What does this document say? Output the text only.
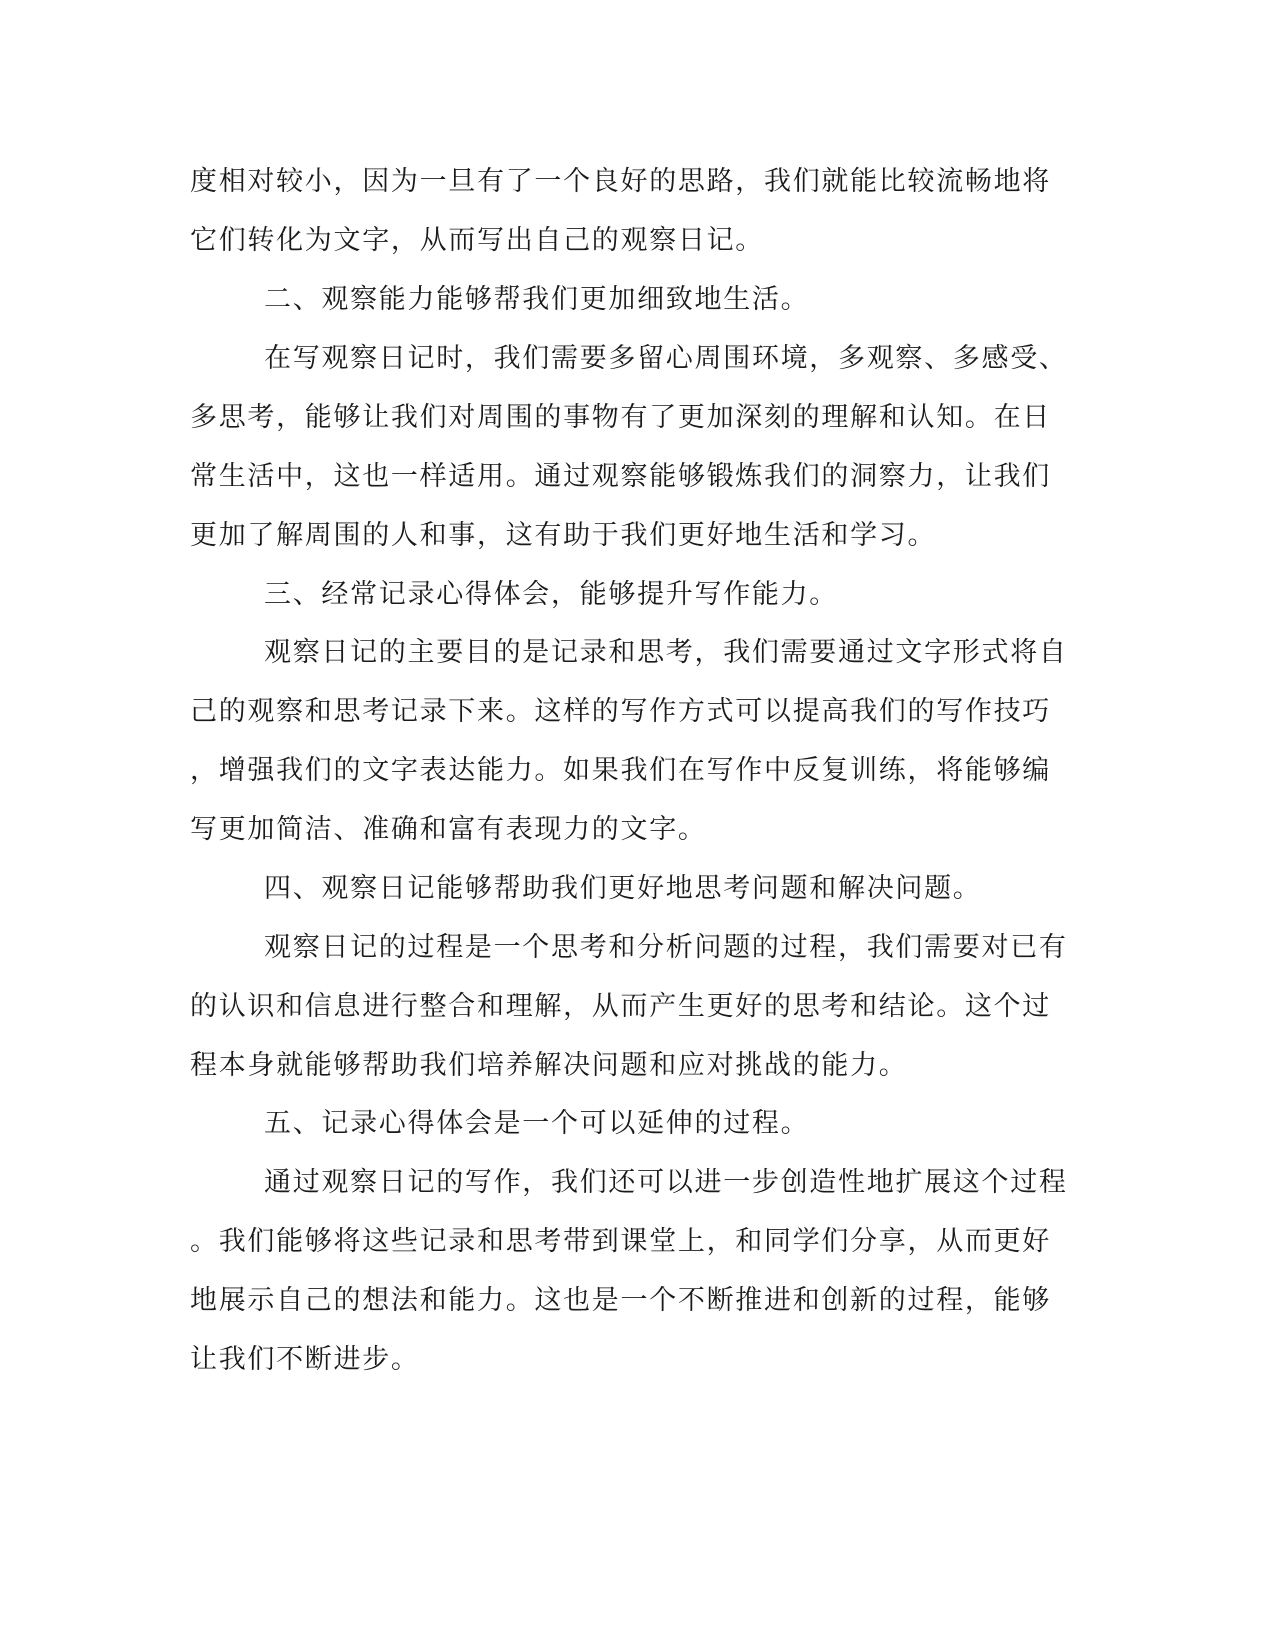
度相对较小，因为一旦有了一个良好的思路，我们就能比较流畅地将

它们转化为文字，从而写出自己的观察日记。

二、观察能力能够帮我们更加细致地生活。

在写观察日记时，我们需要多留心周围环境，多观察、多感受、

多思考，能够让我们对周围的事物有了更加深刻的理解和认知。在日

常生活中，这也一样适用。通过观察能够锻炼我们的洞察力，让我们

更加了解周围的人和事，这有助于我们更好地生活和学习。

三、经常记录心得体会，能够提升写作能力。

观察日记的主要目的是记录和思考，我们需要通过文字形式将自

己的观察和思考记录下来。这样的写作方式可以提高我们的写作技巧

，增强我们的文字表达能力。如果我们在写作中反复训练，将能够编

写更加简洁、准确和富有表现力的文字。

四、观察日记能够帮助我们更好地思考问题和解决问题。

观察日记的过程是一个思考和分析问题的过程，我们需要对已有

的认识和信息进行整合和理解，从而产生更好的思考和结论。这个过

程本身就能够帮助我们培养解决问题和应对挑战的能力。

五、记录心得体会是一个可以延伸的过程。

通过观察日记的写作，我们还可以进一步创造性地扩展这个过程

。我们能够将这些记录和思考带到课堂上，和同学们分享，从而更好

地展示自己的想法和能力。这也是一个不断推进和创新的过程，能够

让我们不断进步。
